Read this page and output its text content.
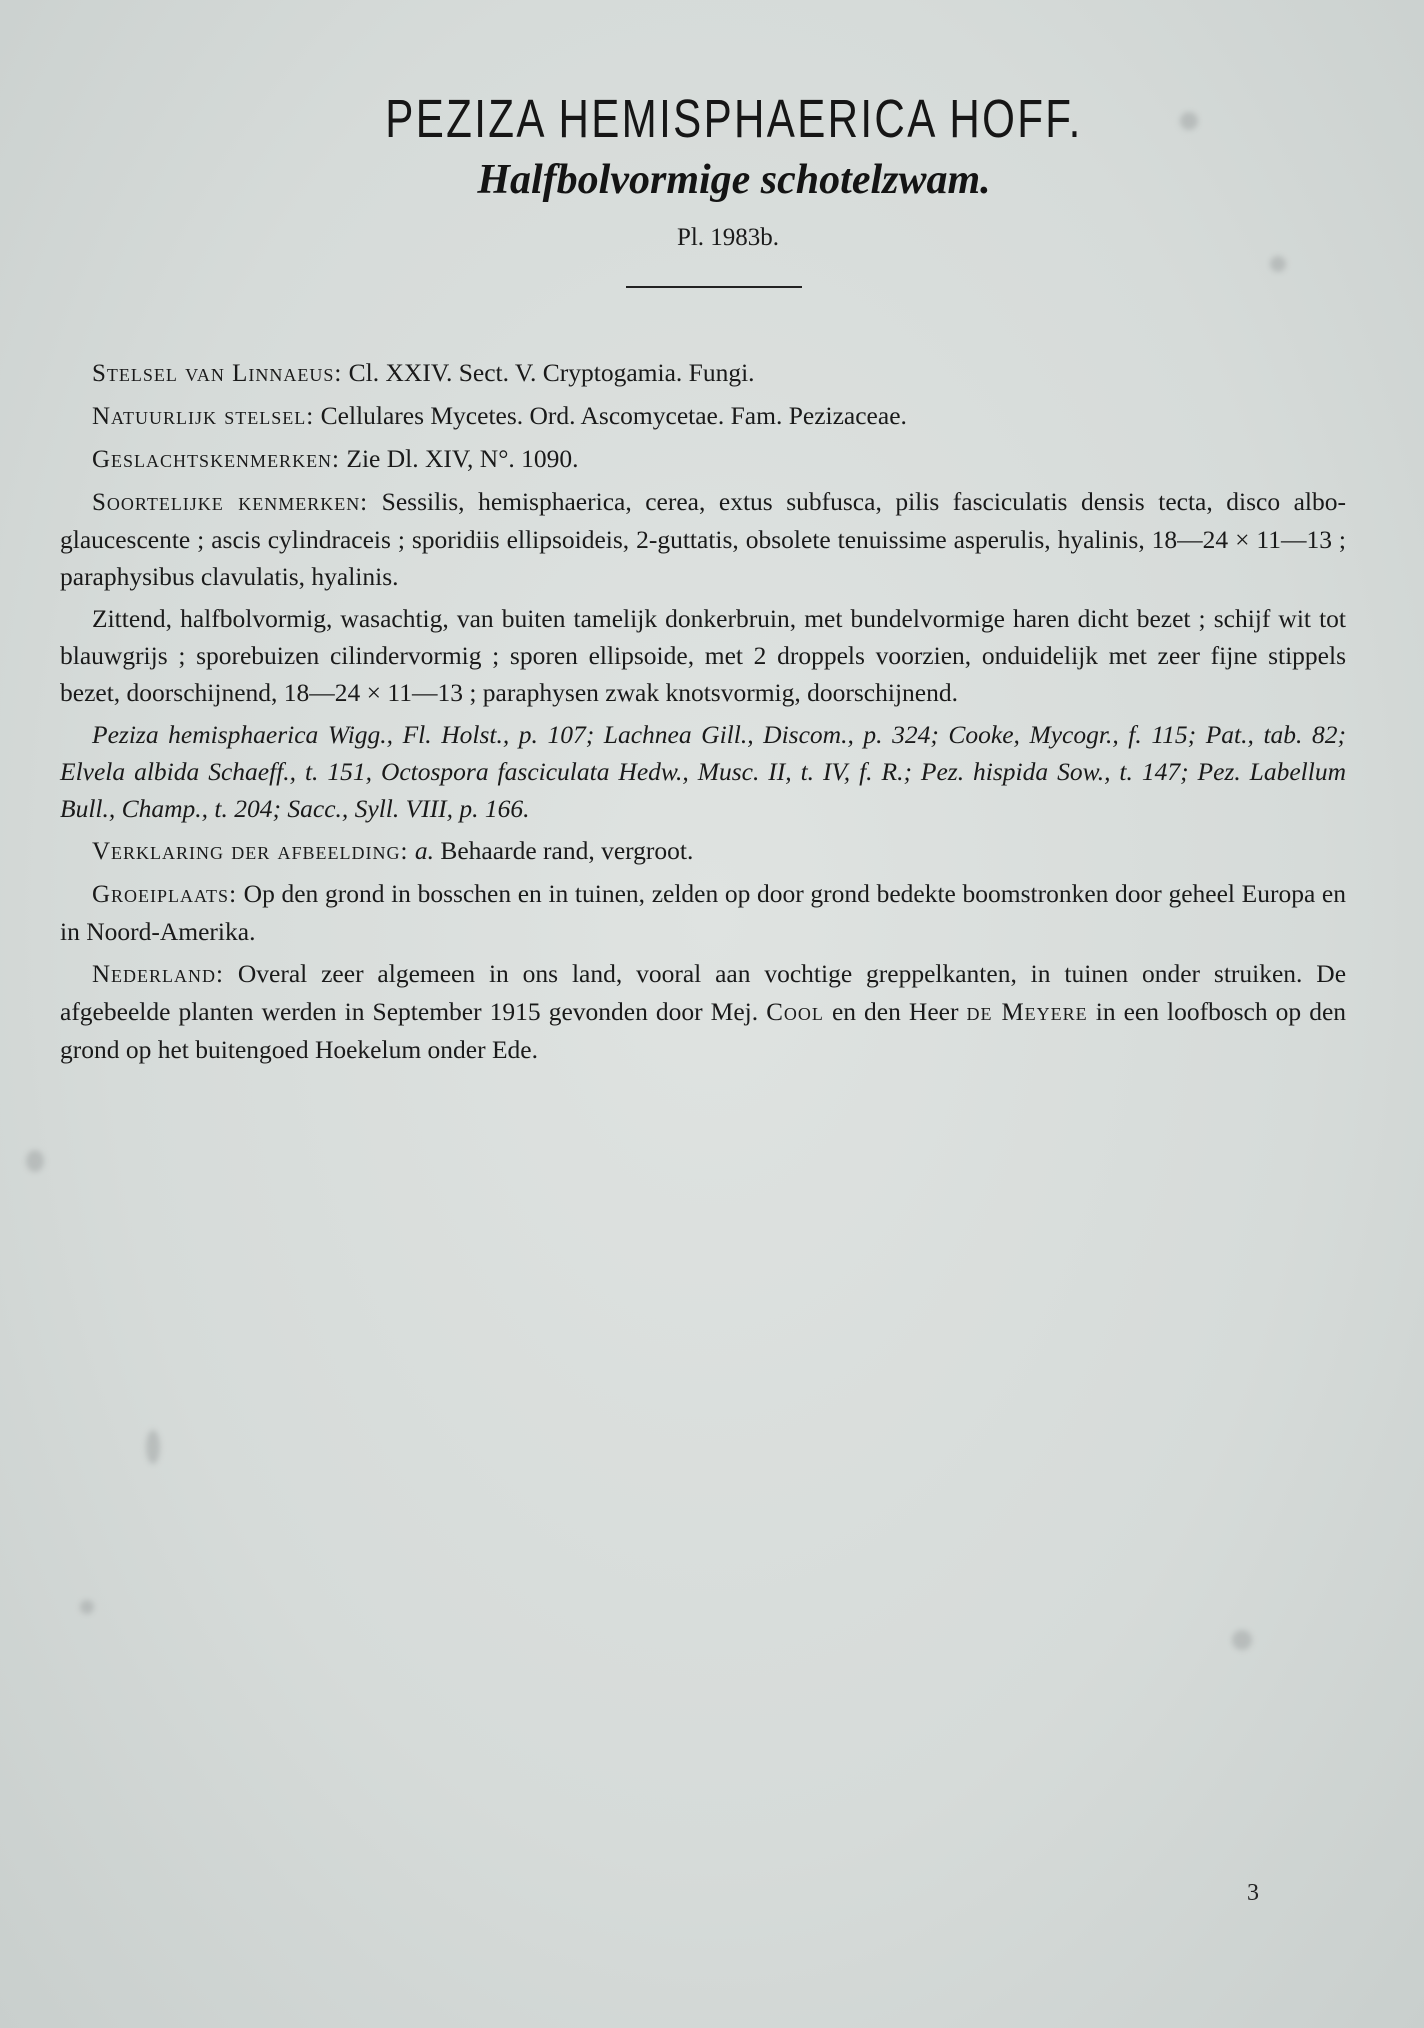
PEZIZA HEMISPHAERICA HOFF.
Halfbolvormige schotelzwam.
Pl. 1983b.

Stelsel van Linnaeus: Cl. XXIV. Sect. V. Cryptogamia. Fungi.

Natuurlijk stelsel: Cellulares Mycetes. Ord. Ascomycetae. Fam. Pezizaceae.

Geslachtskenmerken: Zie Dl. XIV, N°. 1090.

Soortelijke kenmerken: Sessilis, hemisphaerica, cerea, extus subfusca, pilis fasciculatis densis tecta, disco albo-glaucescente ; ascis cylindraceis ; sporidiis ellipsoideis, 2-guttatis, obsolete tenuissime asperulis, hyalinis, 18—24 × 11—13 ; paraphysibus clavulatis, hyalinis.

Zittend, halfbolvormig, wasachtig, van buiten tamelijk donkerbruin, met bundelvormige haren dicht bezet ; schijf wit tot blauwgrijs ; sporebuizen cilindervormig ; sporen ellipsoide, met 2 droppels voorzien, onduidelijk met zeer fijne stippels bezet, doorschijnend, 18—24 × 11—13 ; paraphysen zwak knotsvormig, doorschijnend.

Peziza hemisphaerica Wigg., Fl. Holst., p. 107; Lachnea Gill., Discom., p. 324; Cooke, Mycogr., f. 115; Pat., tab. 82; Elvela albida Schaeff., t. 151, Octospora fasciculata Hedw., Musc. II, t. IV, f. R.; Pez. hispida Sow., t. 147; Pez. Labellum Bull., Champ., t. 204; Sacc., Syll. VIII, p. 166.

Verklaring der afbeelding: a. Behaarde rand, vergroot.

Groeiplaats: Op den grond in bosschen en in tuinen, zelden op door grond bedekte boomstronken door geheel Europa en in Noord-Amerika.

Nederland: Overal zeer algemeen in ons land, vooral aan vochtige greppelkanten, in tuinen onder struiken. De afgebeelde planten werden in September 1915 gevonden door Mej. Cool en den Heer de Meyere in een loofbosch op den grond op het buitengoed Hoekelum onder Ede.

3
